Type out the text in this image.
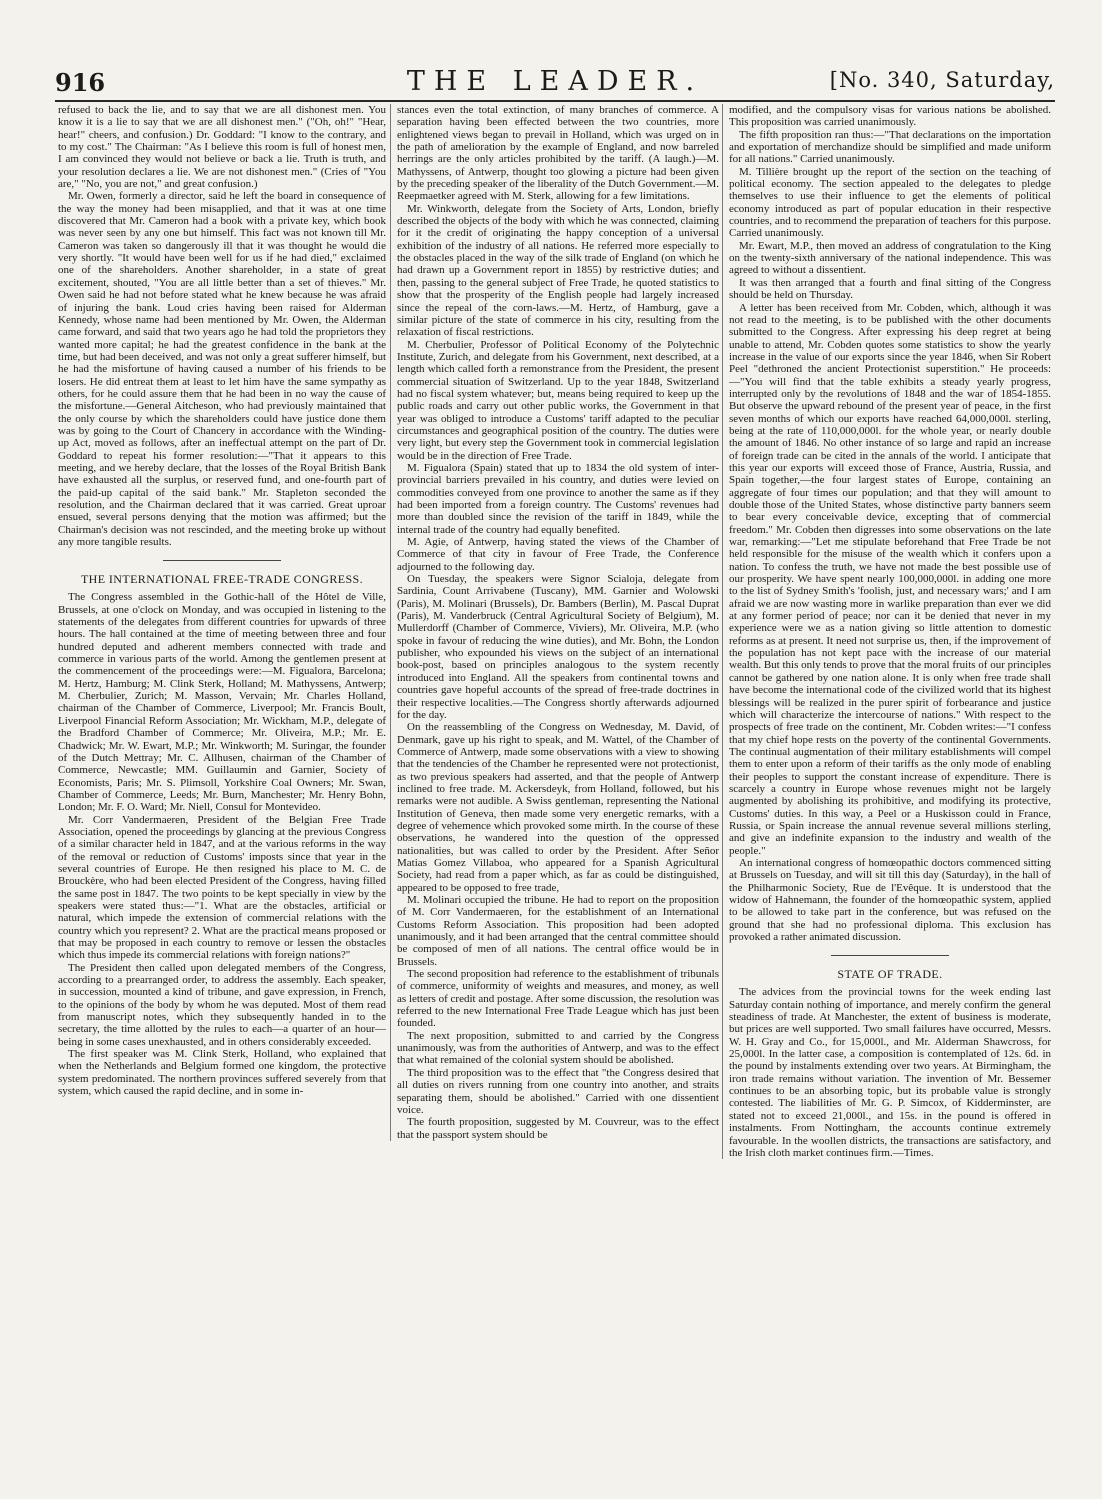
916	THE LEADER.	[No. 340, Saturday,

refused to back the lie, and to say that we are all dishonest men. You know it is a lie to say that we are all dishonest men." ("Oh, oh!" "Hear, hear!" cheers, and confusion.) Dr. Goddard: "I know to the contrary, and to my cost." The Chairman: "As I believe this room is full of honest men, I am convinced they would not believe or back a lie. Truth is truth, and your resolution declares a lie. We are not dishonest men." (Cries of "You are," "No, you are not," and great confusion.)

Mr. Owen, formerly a director, said he left the board in consequence of the way the money had been misapplied, and that it was at one time discovered that Mr. Cameron had a book with a private key, which book was never seen by any one but himself. This fact was not known till Mr. Cameron was taken so dangerously ill that it was thought he would die very shortly. "It would have been well for us if he had died," exclaimed one of the shareholders. Another shareholder, in a state of great excitement, shouted, "You are all little better than a set of thieves." Mr. Owen said he had not before stated what he knew because he was afraid of injuring the bank. Loud cries having been raised for Alderman Kennedy, whose name had been mentioned by Mr. Owen, the Alderman came forward, and said that two years ago he had told the proprietors they wanted more capital; he had the greatest confidence in the bank at the time, but had been deceived, and was not only a great sufferer himself, but he had the misfortune of having caused a number of his friends to be losers. He did entreat them at least to let him have the same sympathy as others, for he could assure them that he had been in no way the cause of the misfortune.—General Aitcheson, who had previously maintained that the only course by which the shareholders could have justice done them was by going to the Court of Chancery in accordance with the Winding-up Act, moved as follows, after an ineffectual attempt on the part of Dr. Goddard to repeat his former resolution:—"That it appears to this meeting, and we hereby declare, that the losses of the Royal British Bank have exhausted all the surplus, or reserved fund, and one-fourth part of the paid-up capital of the said bank." Mr. Stapleton seconded the resolution, and the Chairman declared that it was carried. Great uproar ensued, several persons denying that the motion was affirmed; but the Chairman's decision was not rescinded, and the meeting broke up without any more tangible results.

THE INTERNATIONAL FREE-TRADE CONGRESS.

The Congress assembled in the Gothic-hall of the Hôtel de Ville, Brussels, at one o'clock on Monday, and was occupied in listening to the statements of the delegates from different countries for upwards of three hours. The hall contained at the time of meeting between three and four hundred deputed and adherent members connected with trade and commerce in various parts of the world. Among the gentlemen present at the commencement of the proceedings were:—M. Figualora, Barcelona; M. Hertz, Hamburg; M. Clink Sterk, Holland; M. Mathyssens, Antwerp; M. Cherbulier, Zurich; M. Masson, Vervain; Mr. Charles Holland, chairman of the Chamber of Commerce, Liverpool; Mr. Francis Boult, Liverpool Financial Reform Association; Mr. Wickham, M.P., delegate of the Bradford Chamber of Commerce; Mr. Oliveira, M.P.; Mr. E. Chadwick; Mr. W. Ewart, M.P.; Mr. Winkworth; M. Suringar, the founder of the Dutch Mettray; Mr. C. Allhusen, chairman of the Chamber of Commerce, Newcastle; MM. Guillaumin and Garnier, Society of Economists, Paris; Mr. S. Plimsoll, Yorkshire Coal Owners; Mr. Swan, Chamber of Commerce, Leeds; Mr. Burn, Manchester; Mr. Henry Bohn, London; Mr. F. O. Ward; Mr. Niell, Consul for Montevideo.

Mr. Corr Vandermaeren, President of the Belgian Free Trade Association, opened the proceedings by glancing at the previous Congress of a similar character held in 1847, and at the various reforms in the way of the removal or reduction of Customs' imposts since that year in the several countries of Europe. He then resigned his place to M. C. de Brouckère, who had been elected President of the Congress, having filled the same post in 1847. The two points to be kept specially in view by the speakers were stated thus:—"1. What are the obstacles, artificial or natural, which impede the extension of commercial relations with the country which you represent? 2. What are the practical means proposed or that may be proposed in each country to remove or lessen the obstacles which thus impede its commercial relations with foreign nations?"

The President then called upon delegated members of the Congress, according to a prearranged order, to address the assembly. Each speaker, in succession, mounted a kind of tribune, and gave expression, in French, to the opinions of the body by whom he was deputed. Most of them read from manuscript notes, which they subsequently handed in to the secretary, the time allotted by the rules to each—a quarter of an hour—being in some cases unexhausted, and in others considerably exceeded.

The first speaker was M. Clink Sterk, Holland, who explained that when the Netherlands and Belgium formed one kingdom, the protective system predominated. The northern provinces suffered severely from that system, which caused the rapid decline, and in some in-

stances even the total extinction, of many branches of commerce. A separation having been effected between the two countries, more enlightened views began to prevail in Holland, which was urged on in the path of amelioration by the example of England, and now barreled herrings are the only articles prohibited by the tariff. (A laugh.)—M. Mathyssens, of Antwerp, thought too glowing a picture had been given by the preceding speaker of the liberality of the Dutch Government.—M. Reepmaetker agreed with M. Sterk, allowing for a few limitations.

Mr. Winkworth, delegate from the Society of Arts, London, briefly described the objects of the body with which he was connected, claiming for it the credit of originating the happy conception of a universal exhibition of the industry of all nations. He referred more especially to the obstacles placed in the way of the silk trade of England (on which he had drawn up a Government report in 1855) by restrictive duties; and then, passing to the general subject of Free Trade, he quoted statistics to show that the prosperity of the English people had largely increased since the repeal of the corn-laws.—M. Hertz, of Hamburg, gave a similar picture of the state of commerce in his city, resulting from the relaxation of fiscal restrictions.

M. Cherbulier, Professor of Political Economy of the Polytechnic Institute, Zurich, and delegate from his Government, next described, at a length which called forth a remonstrance from the President, the present commercial situation of Switzerland. Up to the year 1848, Switzerland had no fiscal system whatever; but, means being required to keep up the public roads and carry out other public works, the Government in that year was obliged to introduce a Customs' tariff adapted to the peculiar circumstances and geographical position of the country. The duties were very light, but every step the Government took in commercial legislation would be in the direction of Free Trade.

M. Figualora (Spain) stated that up to 1834 the old system of inter-provincial barriers prevailed in his country, and duties were levied on commodities conveyed from one province to another the same as if they had been imported from a foreign country. The Customs' revenues had more than doubled since the revision of the tariff in 1849, while the internal trade of the country had equally benefited.

M. Agie, of Antwerp, having stated the views of the Chamber of Commerce of that city in favour of Free Trade, the Conference adjourned to the following day.

On Tuesday, the speakers were Signor Scialoja, delegate from Sardinia, Count Arrivabene (Tuscany), MM. Garnier and Wolowski (Paris), M. Molinari (Brussels), Dr. Bambers (Berlin), M. Pascal Duprat (Paris), M. Vanderbruck (Central Agricultural Society of Belgium), M. Mullerdorff (Chamber of Commerce, Viviers), Mr. Oliveira, M.P. (who spoke in favour of reducing the wine duties), and Mr. Bohn, the London publisher, who expounded his views on the subject of an international book-post, based on principles analogous to the system recently introduced into England. All the speakers from continental towns and countries gave hopeful accounts of the spread of free-trade doctrines in their respective localities.—The Congress shortly afterwards adjourned for the day.

On the reassembling of the Congress on Wednesday, M. David, of Denmark, gave up his right to speak, and M. Wattel, of the Chamber of Commerce of Antwerp, made some observations with a view to showing that the tendencies of the Chamber he represented were not protectionist, as two previous speakers had asserted, and that the people of Antwerp inclined to free trade. M. Ackersdeyk, from Holland, followed, but his remarks were not audible. A Swiss gentleman, representing the National Institution of Geneva, then made some very energetic remarks, with a degree of vehemence which provoked some mirth. In the course of these observations, he wandered into the question of the oppressed nationalities, but was called to order by the President. After Señor Matias Gomez Villaboa, who appeared for a Spanish Agricultural Society, had read from a paper which, as far as could be distinguished, appeared to be opposed to free trade,

M. Molinari occupied the tribune. He had to report on the proposition of M. Corr Vandermaeren, for the establishment of an International Customs Reform Association. This proposition had been adopted unanimously, and it had been arranged that the central committee should be composed of men of all nations. The central office would be in Brussels.

The second proposition had reference to the establishment of tribunals of commerce, uniformity of weights and measures, and money, as well as letters of credit and postage. After some discussion, the resolution was referred to the new International Free Trade League which has just been founded.

The next proposition, submitted to and carried by the Congress unanimously, was from the authorities of Antwerp, and was to the effect that what remained of the colonial system should be abolished.

The third proposition was to the effect that "the Congress desired that all duties on rivers running from one country into another, and straits separating them, should be abolished." Carried with one dissentient voice.

The fourth proposition, suggested by M. Couvreur, was to the effect that the passport system should be

modified, and the compulsory visas for various nations be abolished. This proposition was carried unanimously.

The fifth proposition ran thus:—"That declarations on the importation and exportation of merchandize should be simplified and made uniform for all nations." Carried unanimously.

M. Tillière brought up the report of the section on the teaching of political economy. The section appealed to the delegates to pledge themselves to use their influence to get the elements of political economy introduced as part of popular education in their respective countries, and to recommend the preparation of teachers for this purpose. Carried unanimously.

Mr. Ewart, M.P., then moved an address of congratulation to the King on the twenty-sixth anniversary of the national independence. This was agreed to without a dissentient.

It was then arranged that a fourth and final sitting of the Congress should be held on Thursday.

A letter has been received from Mr. Cobden, which, although it was not read to the meeting, is to be published with the other documents submitted to the Congress. After expressing his deep regret at being unable to attend, Mr. Cobden quotes some statistics to show the yearly increase in the value of our exports since the year 1846, when Sir Robert Peel "dethroned the ancient Protectionist superstition." He proceeds:—"You will find that the table exhibits a steady yearly progress, interrupted only by the revolutions of 1848 and the war of 1854-1855. But observe the upward rebound of the present year of peace, in the first seven months of which our exports have reached 64,000,000l. sterling, being at the rate of 110,000,000l. for the whole year, or nearly double the amount of 1846. No other instance of so large and rapid an increase of foreign trade can be cited in the annals of the world. I anticipate that this year our exports will exceed those of France, Austria, Russia, and Spain together,—the four largest states of Europe, containing an aggregate of four times our population; and that they will amount to double those of the United States, whose distinctive party banners seem to bear every conceivable device, excepting that of commercial freedom." Mr. Cobden then digresses into some observations on the late war, remarking:—"Let me stipulate beforehand that Free Trade be not held responsible for the misuse of the wealth which it confers upon a nation. To confess the truth, we have not made the best possible use of our prosperity. We have spent nearly 100,000,000l. in adding one more to the list of Sydney Smith's 'foolish, just, and necessary wars;' and I am afraid we are now wasting more in warlike preparation than ever we did at any former period of peace; nor can it be denied that never in my experience were we as a nation giving so little attention to domestic reforms as at present. It need not surprise us, then, if the improvement of the population has not kept pace with the increase of our material wealth. But this only tends to prove that the moral fruits of our principles cannot be gathered by one nation alone. It is only when free trade shall have become the international code of the civilized world that its highest blessings will be realized in the purer spirit of forbearance and justice which will characterize the intercourse of nations." With respect to the prospects of free trade on the continent, Mr. Cobden writes:—"I confess that my chief hope rests on the poverty of the continental Governments. The continual augmentation of their military establishments will compel them to enter upon a reform of their tariffs as the only mode of enabling their peoples to support the constant increase of expenditure. There is scarcely a country in Europe whose revenues might not be largely augmented by abolishing its prohibitive, and modifying its protective, Customs' duties. In this way, a Peel or a Huskisson could in France, Russia, or Spain increase the annual revenue several millions sterling, and give an indefinite expansion to the industry and wealth of the people."

An international congress of homœopathic doctors commenced sitting at Brussels on Tuesday, and will sit till this day (Saturday), in the hall of the Philharmonic Society, Rue de l'Evêque. It is understood that the widow of Hahnemann, the founder of the homœopathic system, applied to be allowed to take part in the conference, but was refused on the ground that she had no professional diploma. This exclusion has provoked a rather animated discussion.

STATE OF TRADE.

The advices from the provincial towns for the week ending last Saturday contain nothing of importance, and merely confirm the general steadiness of trade. At Manchester, the extent of business is moderate, but prices are well supported. Two small failures have occurred, Messrs. W. H. Gray and Co., for 15,000l., and Mr. Alderman Shawcross, for 25,000l. In the latter case, a composition is contemplated of 12s. 6d. in the pound by instalments extending over two years. At Birmingham, the iron trade remains without variation. The invention of Mr. Bessemer continues to be an absorbing topic, but its probable value is strongly contested. The liabilities of Mr. G. P. Simcox, of Kidderminster, are stated not to exceed 21,000l., and 15s. in the pound is offered in instalments. From Nottingham, the accounts continue extremely favourable. In the woollen districts, the transactions are satisfactory, and the Irish cloth market continues firm.—Times.
